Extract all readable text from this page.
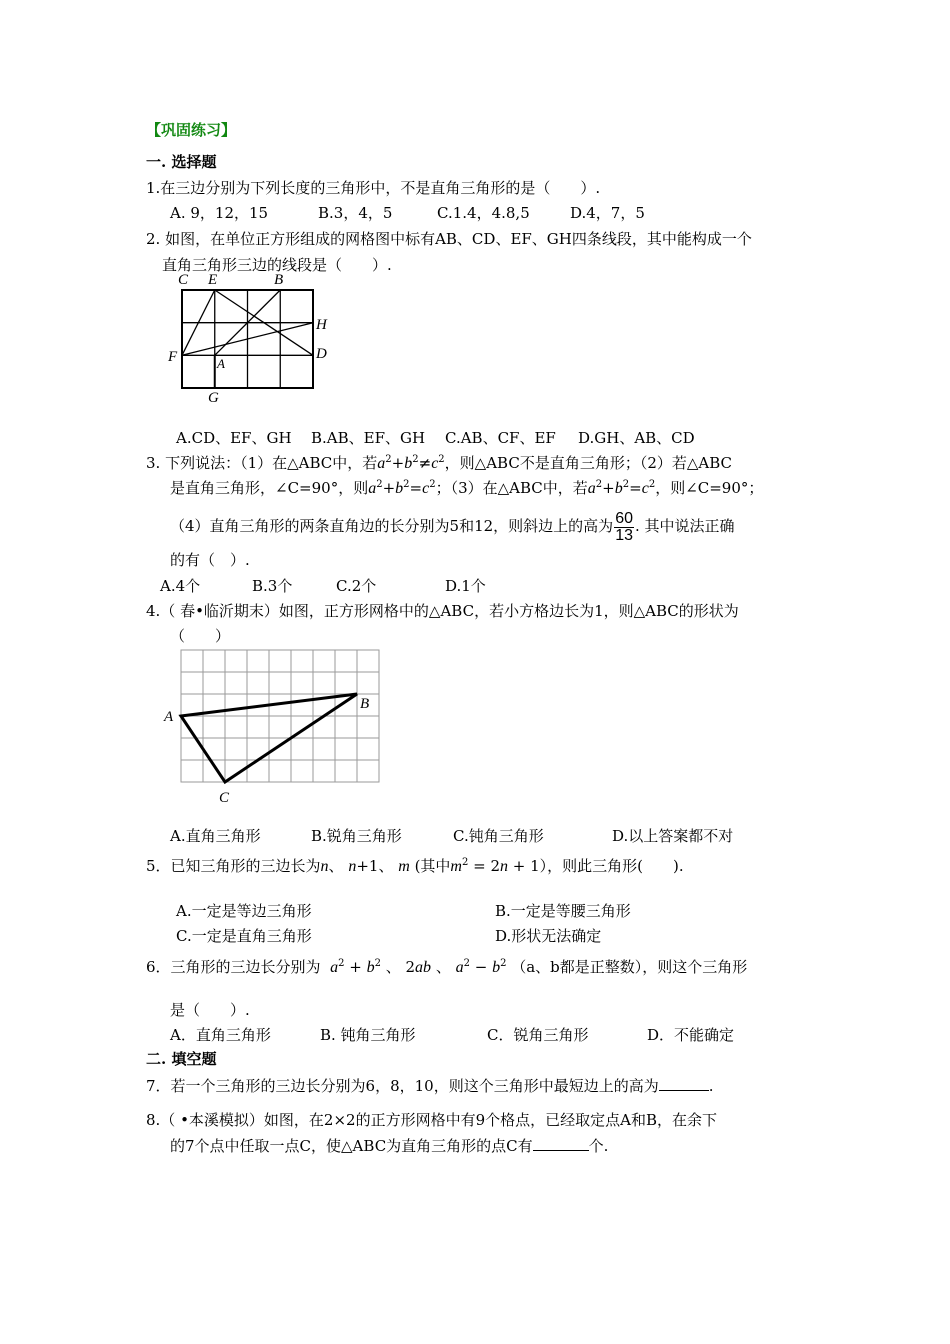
【巩固练习】
一. 选择题
1.在三边分别为下列长度的三角形中，不是直角三角形的是（　　）.
A. 9，12，15	B.3，4，5	C.1.4，4.8,5	D.4，7，5
2. 如图，在单位正方形组成的网格图中标有AB、CD、EF、GH四条线段，其中能构成一个
直角三角形三边的线段是（　　）.
C E	B
H
F	D
A
G
A.CD、EF、GH B.AB、EF、GH C.AB、CF、EF D.GH、AB、CD
3. 下列说法：（1）在△ABC中，若$a^2+b^2\ne c^2$，则△ABC不是直角三角形；（2）若△ABC
是直角三角形，∠C=90°，则$a^2+b^2=c^2$；（3）在△ABC中，若$a^2+b^2=c^2$，则∠C=90°；
（4）直角三角形的两条直角边的长分别为5和12，则斜边上的高为 $\frac{60}{13}$ . 其中说法正确
的有（　）.
A.4个	B.3个	C.2个	D.1个
4.（ 春•临沂期末）如图，正方形网格中的△ABC，若小方格边长为1，则△ABC的形状为
（　　）
A
B
C
A.直角三角形	B.锐角三角形	C.钝角三角形	D.以上答案都不对
5．已知三角形的三边长为n、 n+1、 m (其中$m^2 = 2n + 1$），则此三角形(　　).
A.一定是等边三角形	B.一定是等腰三角形
C.一定是直角三角形	D.形状无法确定
6．三角形的三边长分别为 $a^2 + b^2$ 、 2ab 、 $a^2 - b^2$ （a、b都是正整数），则这个三角形
是（　　）.
A．直角三角形	B. 钝角三角形	C．锐角三角形	D．不能确定
二. 填空题
7．若一个三角形的三边长分别为6，8，10，则这个三角形中最短边上的高为	.
8.（ •本溪模拟）如图，在2×2的正方形网格中有9个格点，已经取定点A和B，在余下
的7个点中任取一点C，使△ABC为直角三角形的点C有	个.
